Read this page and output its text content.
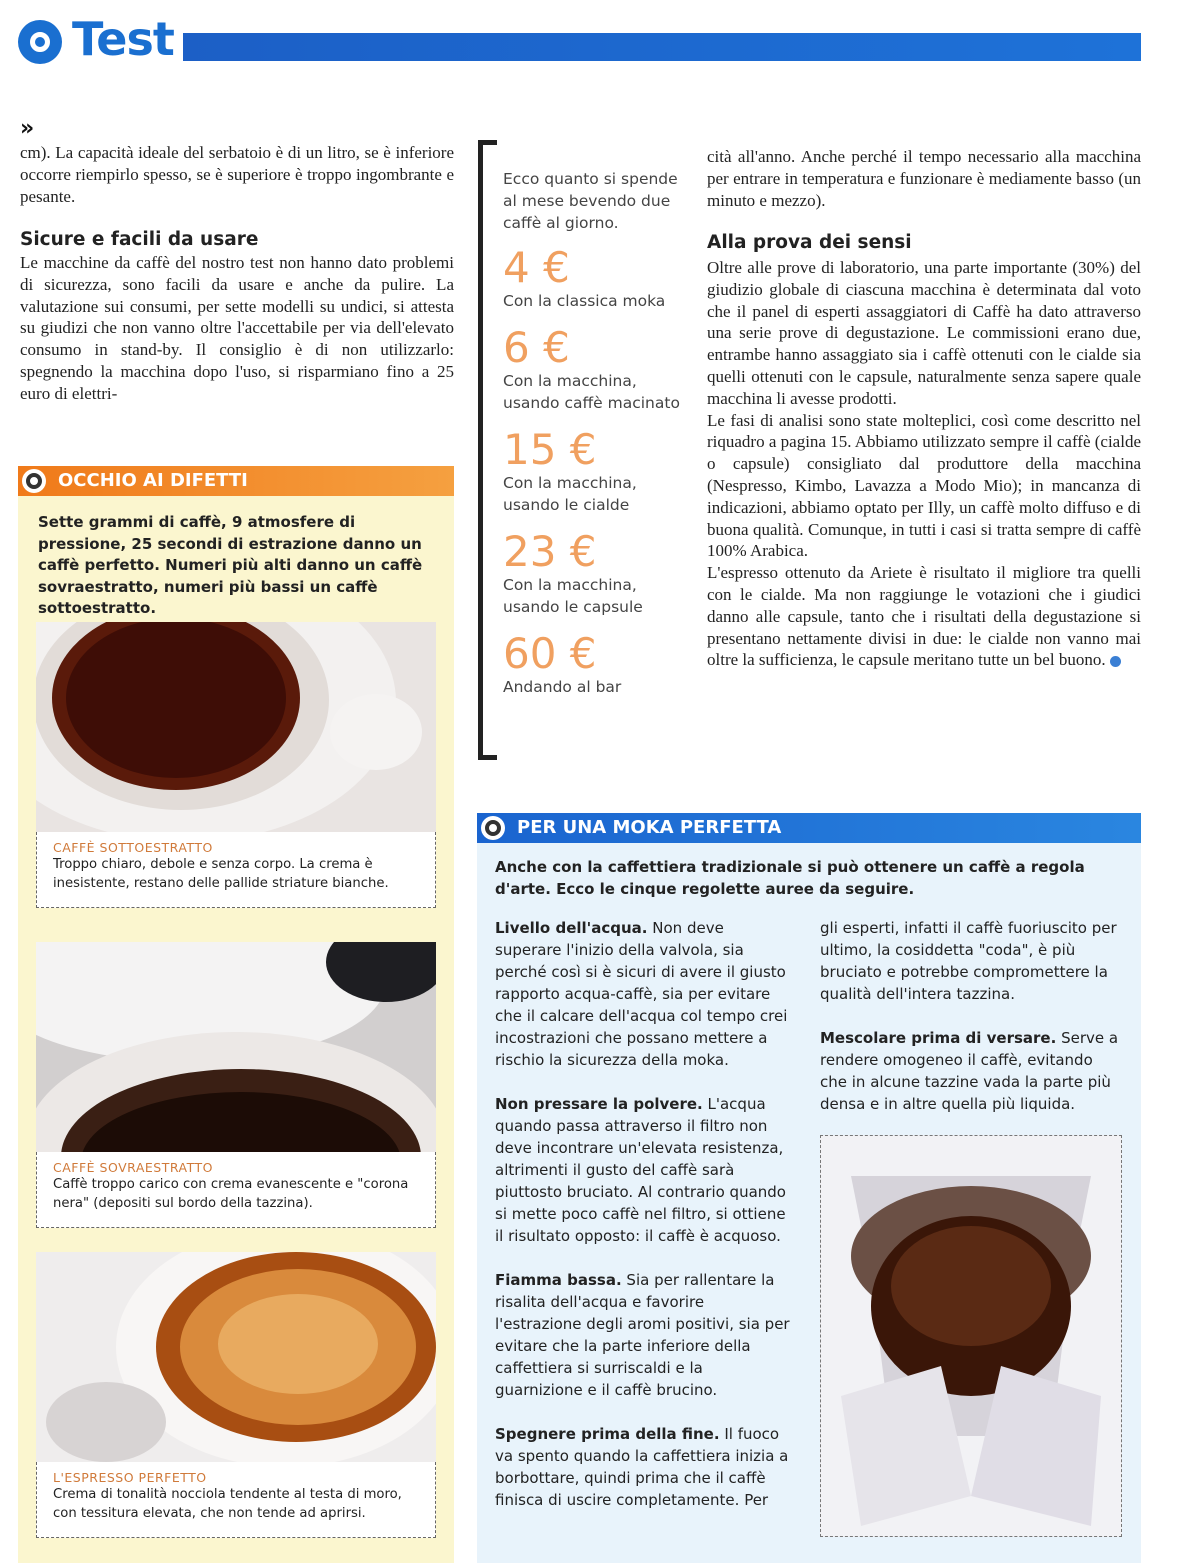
Test
»
cm). La capacità ideale del serbatoio è di un litro, se è inferiore occorre riempirlo spesso, se è superiore è troppo ingombrante e pesante.
Sicure e facili da usare
Le macchine da caffè del nostro test non hanno dato problemi di sicurezza, sono facili da usare e anche da pulire. La valutazione sui consumi, per sette modelli su undici, si attesta su giudizi che non vanno oltre l'accettabile per via dell'elevato consumo in stand-by. Il consiglio è di non utilizzarlo: spegnendo la macchina dopo l'uso, si risparmiano fino a 25 euro di elettri-
Ecco quanto si spende al mese bevendo due caffè al giorno.
4 €
Con la classica moka
6 €
Con la macchina, usando caffè macinato
15 €
Con la macchina, usando le cialde
23 €
Con la macchina, usando le capsule
60 €
Andando al bar
cità all'anno. Anche perché il tempo necessario alla macchina per entrare in temperatura e funzionare è mediamente basso (un minuto e mezzo).
Alla prova dei sensi

Oltre alle prove di laboratorio, una parte importante (30%) del giudizio globale di ciascuna macchina è determinata dal voto che il panel di esperti assaggiatori di Caffè ha dato attraverso una serie prove di degustazione. Le commissioni erano due, entrambe hanno assaggiato sia i caffè ottenuti con le cialde sia quelli ottenuti con le capsule, naturalmente senza sapere quale macchina li avesse prodotti.

Le fasi di analisi sono state molteplici, così come descritto nel riquadro a pagina 15. Abbiamo utilizzato sempre il caffè (cialde o capsule) consigliato dal produttore della macchina (Nespresso, Kimbo, Lavazza a Modo Mio); in mancanza di indicazioni, abbiamo optato per Illy, un caffè molto diffuso e di buona qualità. Comunque, in tutti i casi si tratta sempre di caffè 100% Arabica.

L'espresso ottenuto da Ariete è risultato il migliore tra quelli con le cialde. Ma non raggiunge le votazioni che i giudici danno alle capsule, tanto che i risultati della degustazione si presentano nettamente divisi in due: le cialde non vanno mai oltre la sufficienza, le capsule meritano tutte un bel buono.

OCCHIO AI DIFETTI
Sette grammi di caffè, 9 atmosfere di pressione, 25 secondi di estrazione danno un caffè perfetto. Numeri più alti danno un caffè sovraestratto, numeri più bassi un caffè sottoestratto.
CAFFÈ SOTTOESTRATTO
Troppo chiaro, debole e senza corpo. La crema è inesistente, restano delle pallide striature bianche.
CAFFÈ SOVRAESTRATTO
Caffè troppo carico con crema evanescente e "corona nera" (depositi sul bordo della tazzina).
L'ESPRESSO PERFETTO
Crema di tonalità nocciola tendente al testa di moro, con tessitura elevata, che non tende ad aprirsi.
PER UNA MOKA PERFETTA
Anche con la caffettiera tradizionale si può ottenere un caffè a regola d'arte. Ecco le cinque regolette auree da seguire.

Livello dell'acqua. Non deve superare l'inizio della valvola, sia perché così si è sicuri di avere il giusto rapporto acqua-caffè, sia per evitare che il calcare dell'acqua col tempo crei incostrazioni che possano mettere a rischio la sicurezza della moka.

Non pressare la polvere. L'acqua quando passa attraverso il filtro non deve incontrare un'elevata resistenza, altrimenti il gusto del caffè sarà piuttosto bruciato. Al contrario quando si mette poco caffè nel filtro, si ottiene il risultato opposto: il caffè è acquoso.

Fiamma bassa. Sia per rallentare la risalita dell'acqua e favorire l'estrazione degli aromi positivi, sia per evitare che la parte inferiore della caffettiera si surriscaldi e la guarnizione e il caffè brucino.

Spegnere prima della fine. Il fuoco va spento quando la caffettiera inizia a borbottare, quindi prima che il caffè finisca di uscire completamente. Per

gli esperti, infatti il caffè fuoriuscito per ultimo, la cosiddetta "coda", è più bruciato e potrebbe compromettere la qualità dell'intera tazzina.

Mescolare prima di versare. Serve a rendere omogeneo il caffè, evitando che in alcune tazzine vada la parte più densa e in altre quella più liquida.
